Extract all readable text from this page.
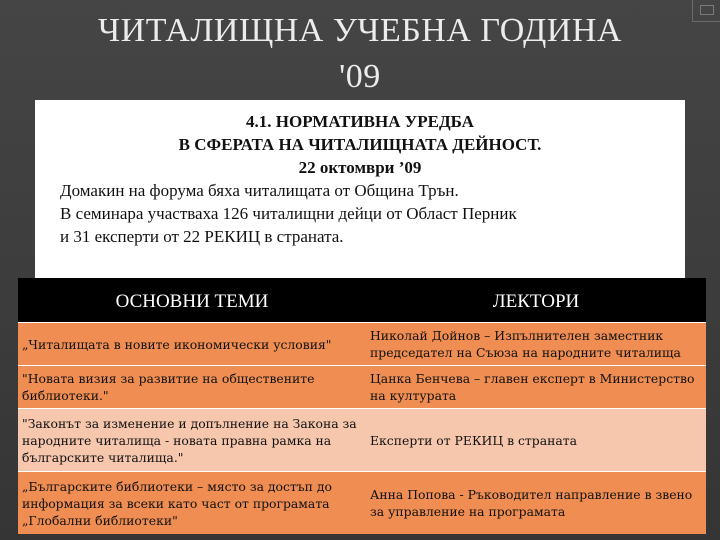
ЧИТАЛИЩНА УЧЕБНА ГОДИНА
'09
4.1. НОРМАТИВНА УРЕДБА
В СФЕРАТА НА ЧИТАЛИЩНАТА ДЕЙНОСТ.
22 октомври ’09
Домакин на форума бяха читалищата от Община Трън.
В семинара участваха 126 читалищни дейци от Област Перник
и 31 експерти от 22 РЕКИЦ в страната.
ОСНОВНИ ТЕМИ	ЛЕКТОРИ
„Читалищата в новите икономически условия"	Николай Дойнов – Изпълнителен заместник председател на Съюза на народните читалища
"Новата визия за развитие на обществените библиотеки."	Цанка Бенчева – главен експерт в Министерство на културата
"Законът за изменение и допълнение на Закона за народните читалища - новата правна рамка на българските читалища."	Експерти от РЕКИЦ в страната
„Българските библиотеки – място за достъп до информация за всеки като част от програмата „Глобални библиотеки"	Анна Попова - Ръководител направление в звено за управление на програмата
